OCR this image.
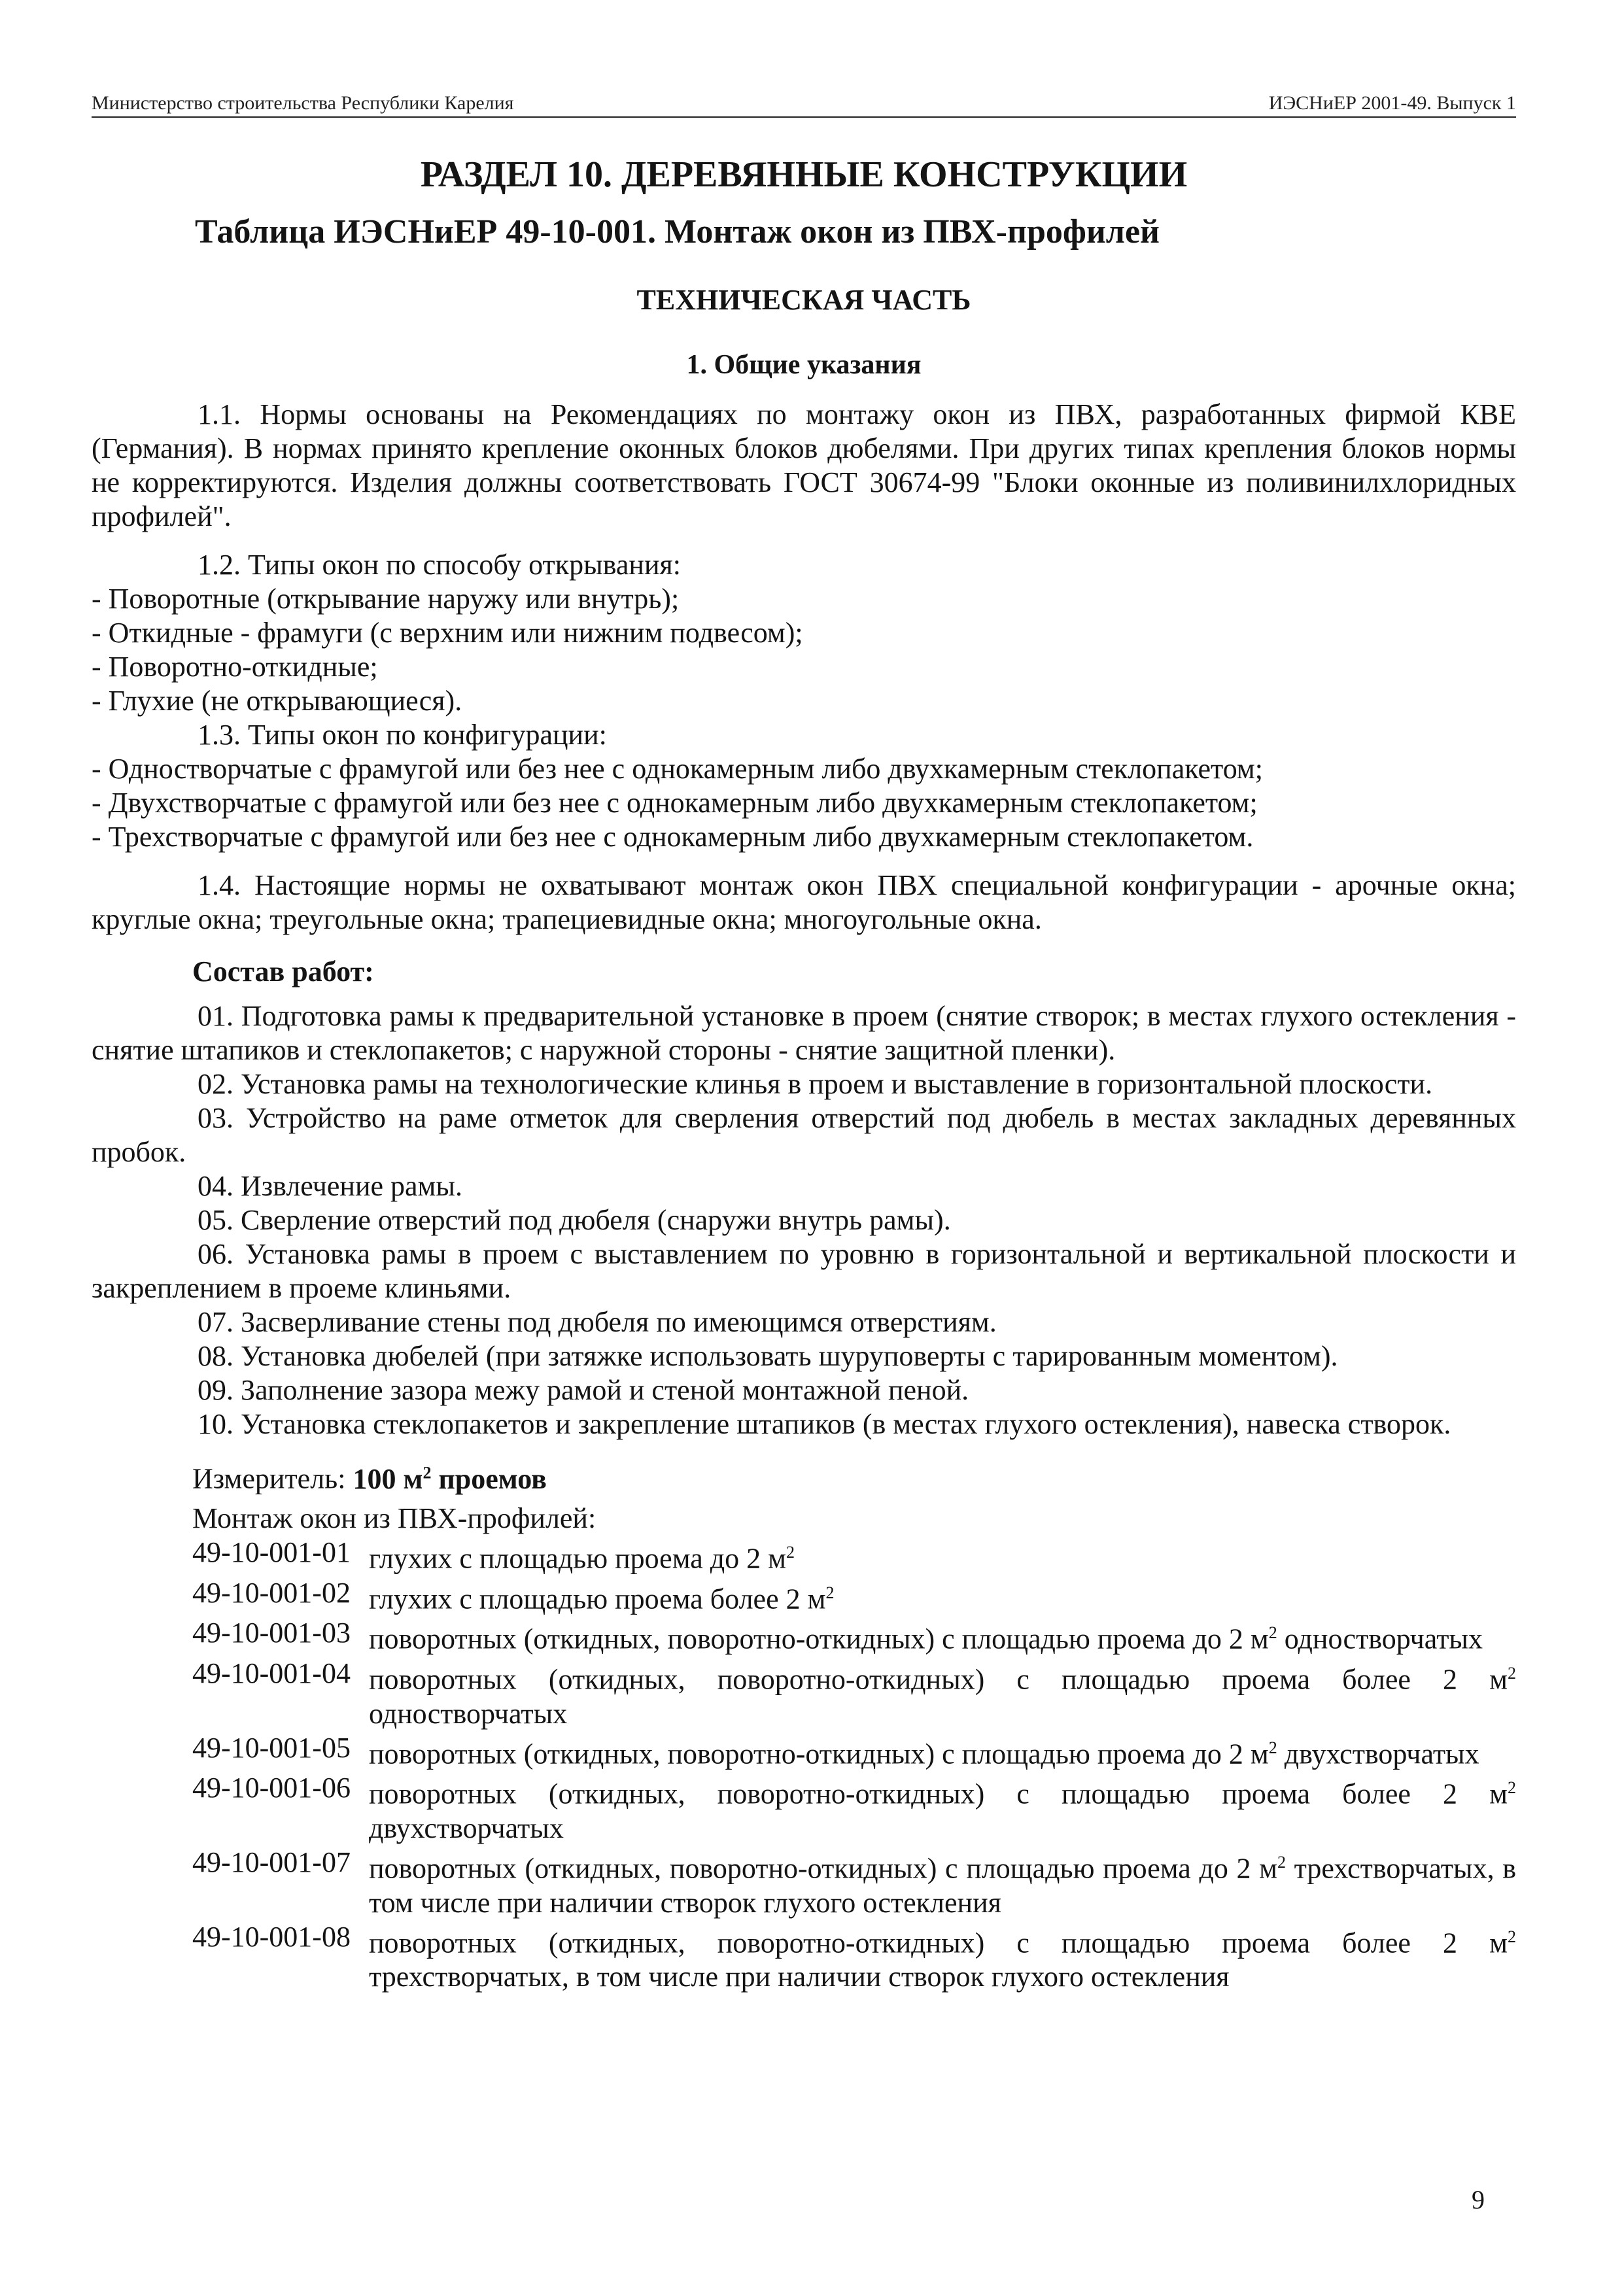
Министерство строительства Республики Карелия	ИЭСНиЕР 2001-49. Выпуск 1
РАЗДЕЛ 10. ДЕРЕВЯННЫЕ КОНСТРУКЦИИ
Таблица ИЭСНиЕР 49-10-001. Монтаж окон из ПВХ-профилей
ТЕХНИЧЕСКАЯ ЧАСТЬ
1. Общие указания

1.1. Нормы основаны на Рекомендациях по монтажу окон из ПВХ, разработанных фирмой КВЕ (Германия). В нормах принято крепление оконных блоков дюбелями. При других типах крепления блоков нормы не корректируются. Изделия должны соответствовать ГОСТ 30674-99 "Блоки оконные из поливинилхлоридных профилей".

1.2. Типы окон по способу открывания:

- Поворотные (открывание наружу или внутрь);
- Откидные - фрамуги (с верхним или нижним подвесом);
- Поворотно-откидные;
- Глухие (не открывающиеся).

1.3. Типы окон по конфигурации:

- Одностворчатые с фрамугой или без нее с однокамерным либо двухкамерным стеклопакетом;
- Двухстворчатые с фрамугой или без нее с однокамерным либо двухкамерным стеклопакетом;
- Трехстворчатые с фрамугой или без нее с однокамерным либо двухкамерным стеклопакетом.

1.4. Настоящие нормы не охватывают монтаж окон ПВХ специальной конфигурации - арочные окна; круглые окна; треугольные окна; трапециевидные окна; многоугольные окна.

Состав работ:

01. Подготовка рамы к предварительной установке в проем (снятие створок; в местах глухого остекления - снятие штапиков и стеклопакетов; с наружной стороны - снятие защитной пленки).

02. Установка рамы на технологические клинья в проем и выставление в горизонтальной плоскости.

03. Устройство на раме отметок для сверления отверстий под дюбель в местах закладных деревянных пробок.

04. Извлечение рамы.

05. Сверление отверстий под дюбеля (снаружи внутрь рамы).

06. Установка рамы в проем с выставлением по уровню в горизонтальной и вертикальной плоскости и закреплением в проеме клиньями.

07. Засверливание стены под дюбеля по имеющимся отверстиям.

08. Установка дюбелей (при затяжке использовать шуруповерты с тарированным моментом).

09. Заполнение зазора межу рамой и стеной монтажной пеной.

10. Установка стеклопакетов и закрепление штапиков (в местах глухого остекления), навеска створок.

Измеритель: 100 $м^2$ проемов
Монтаж окон из ПВХ-профилей:
49-10-001-01 глухих с площадью проема до 2 $м^2$
49-10-001-02 глухих с площадью проема более 2 $м^2$
49-10-001-03 поворотных (откидных, поворотно-откидных) с площадью проема до 2 $м^2$ одностворчатых
49-10-001-04 поворотных (откидных, поворотно-откидных) с площадью проема более 2 $м^2$ одностворчатых
49-10-001-05 поворотных (откидных, поворотно-откидных) с площадью проема до 2 $м^2$ двухстворчатых
49-10-001-06 поворотных (откидных, поворотно-откидных) с площадью проема более 2 $м^2$ двухстворчатых
49-10-001-07 поворотных (откидных, поворотно-откидных) с площадью проема до 2 $м^2$ трехстворчатых, в том числе при наличии створок глухого остекления
49-10-001-08 поворотных (откидных, поворотно-откидных) с площадью проема более 2 $м^2$ трехстворчатых, в том числе при наличии створок глухого остекления
9
